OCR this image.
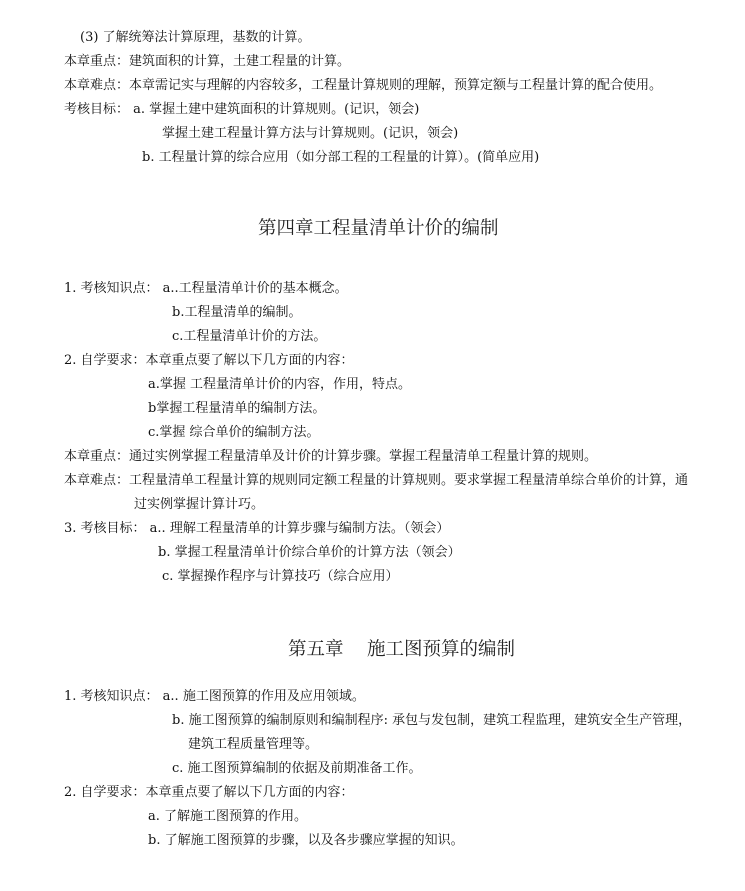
(3) 了解统筹法计算原理，基数的计算。
本章重点：建筑面积的计算，土建工程量的计算。
本章难点：本章需记实与理解的内容较多，工程量计算规则的理解，预算定额与工程量计算的配合使用。
考核目标： a. 掌握土建中建筑面积的计算规则。(记识，领会)
掌握土建工程量计算方法与计算规则。(记识，领会)
b. 工程量计算的综合应用（如分部工程的工程量的计算）。(简单应用)
第四章工程量清单计价的编制
1. 考核知识点： a..工程量清单计价的基本概念。
b.工程量清单的编制。
c.工程量清单计价的方法。
2. 自学要求：本章重点要了解以下几方面的内容：
a.掌握 工程量清单计价的内容，作用，特点。
b掌握工程量清单的编制方法。
c.掌握 综合单价的编制方法。
本章重点：通过实例掌握工程量清单及计价的计算步骤。掌握工程量清单工程量计算的规则。
本章难点：工程量清单工程量计算的规则同定额工程量的计算规则。要求掌握工程量清单综合单价的计算，通
过实例掌握计算计巧。
3. 考核目标： a.. 理解工程量清单的计算步骤与编制方法。（领会）
b. 掌握工程量清单计价综合单价的计算方法（领会）
c. 掌握操作程序与计算技巧（综合应用）
第五章    施工图预算的编制
1. 考核知识点： a.. 施工图预算的作用及应用领域。
b. 施工图预算的编制原则和编制程序: 承包与发包制，建筑工程监理，建筑安全生产管理，
建筑工程质量管理等。
c. 施工图预算编制的依据及前期准备工作。
2. 自学要求：本章重点要了解以下几方面的内容：
a. 了解施工图预算的作用。
b. 了解施工图预算的步骤，以及各步骤应掌握的知识。
